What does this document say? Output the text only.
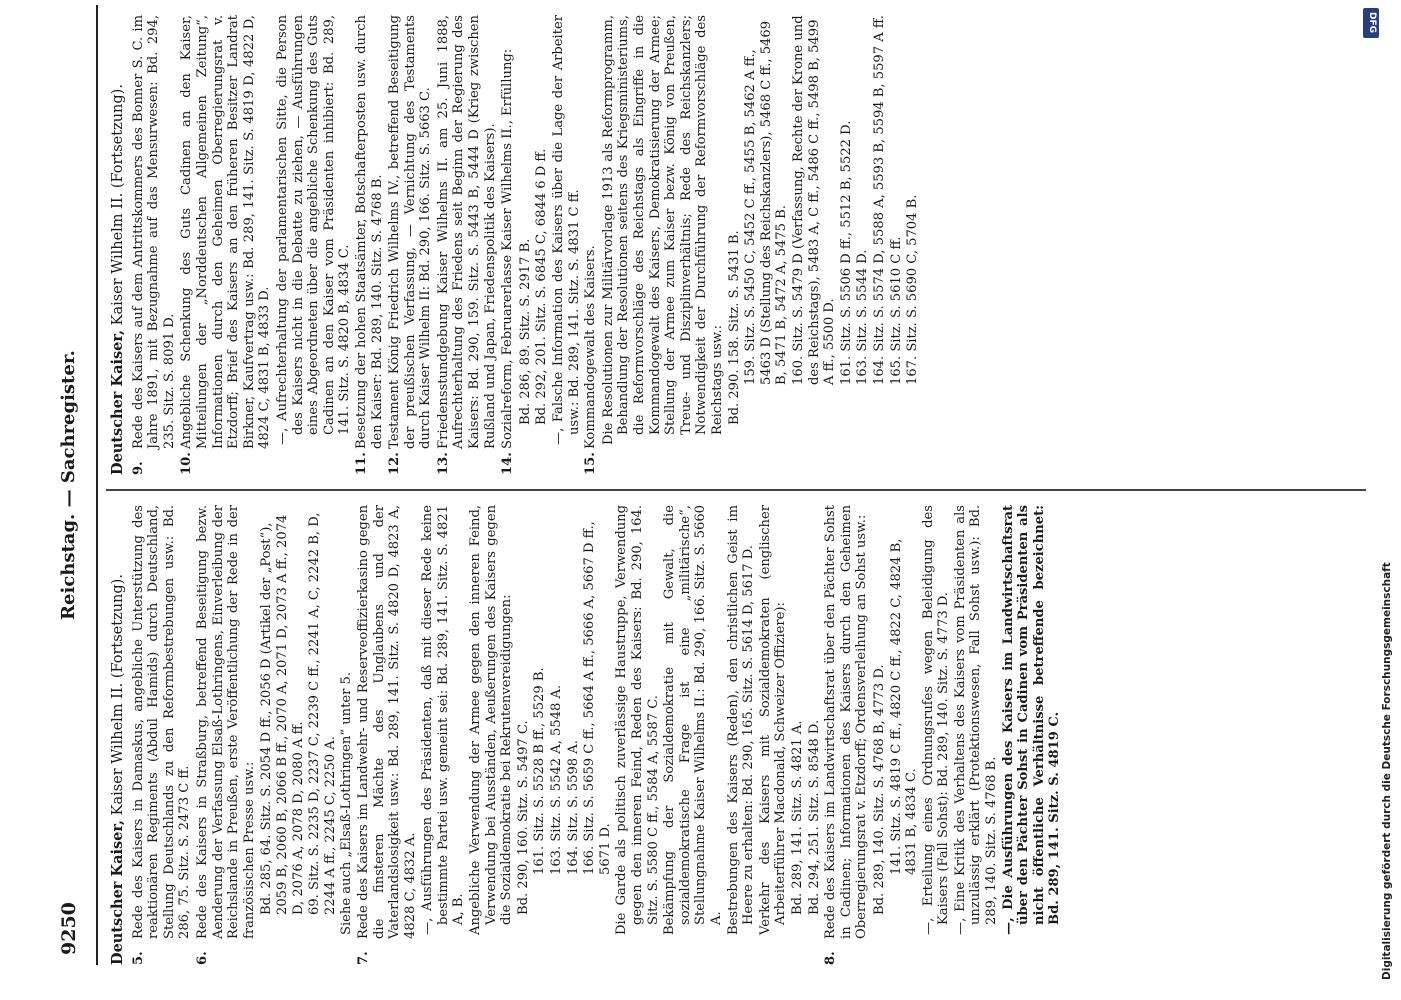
9250
Reichstag. — Sachregister.
Deutscher Kaiser, Kaiser Wilhelm II. (Fortsetzung).
5.Rede des Kaisers in Damaskus, angebliche Unterstützung des reaktionären Regiments (Abdul Hamids) durch Deutschland, Stellung Deutschlands zu den Reformbestrebungen usw.: Bd. 286, 75. Sitz. S. 2473 C ff.
6.Rede des Kaisers in Straßburg, betreffend Beseitigung bezw. Aenderung der Verfassung Elsaß-Lothringens, Einverleibung der Reichslande in Preußen, erste Veröffentlichung der Rede in der französischen Presse usw.: Bd. 285, 64. Sitz. S. 2054 D ff., 2056 D (Artikel der „Post“), 2059 B, 2060 B, 2066 B ff., 2070 A, 2071 D, 2073 A ff., 2074 D, 2076 A, 2078 D, 2080 A ff. 69. Sitz. S. 2235 D, 2237 C, 2239 C ff., 2241 A, C, 2242 B, D, 2244 A ff., 2245 C, 2250 A. Siehe auch „Elsaß-Lothringen“ unter 5.
7.Rede des Kaisers im Landwehr- und Reserveoffizierkasino gegen die finsteren Mächte des Unglaubens und der Vaterlandslosigkeit usw.: Bd. 289, 141. Sitz. S. 4820 D, 4823 A, 4828 C, 4832 A. —, Ausführungen des Präsidenten, daß mit dieser Rede keine bestimmte Partei usw. gemeint sei: Bd. 289, 141. Sitz. S. 4821 A, B. Angebliche Verwendung der Armee gegen den inneren Feind, Verwendung bei Ausständen, Aeußerungen des Kaisers gegen die Sozialdemokratie bei Rekrutenvereidigungen: Bd. 290, 160. Sitz. S. 5497 C. 161. Sitz. S. 5528 B ff., 5529 B. 163. Sitz. S. 5542 A, 5548 A. 164. Sitz. S. 5598 A. 166. Sitz. S. 5659 C ff., 5664 A ff., 5666 A, 5667 D ff., 5671 D. Die Garde als politisch zuverlässige Haustruppe, Verwendung gegen den inneren Feind, Reden des Kaisers: Bd. 290, 164. Sitz. S. 5580 C ff., 5584 A, 5587 C. Bekämpfung der Sozialdemokratie mit Gewalt, die sozialdemokratische Frage ist eine „militärische“, Stellungnahme Kaiser Wilhelms II.: Bd. 290, 166. Sitz. S. 5660 A. Bestrebungen des Kaisers (Reden), den christlichen Geist im Heere zu erhalten: Bd. 290, 165. Sitz. S. 5614 D, 5617 D. Verkehr des Kaisers mit Sozialdemokraten (englischer Arbeiterführer Macdonald, Schweizer Offiziere): Bd. 289, 141. Sitz. S. 4821 A. Bd. 294, 251. Sitz. S. 8548 D.
8.Rede des Kaisers im Landwirtschaftsrat über den Pächter Sohst in Cadinen; Informationen des Kaisers durch den Geheimen Oberregierungsrat v. Etzdorff; Ordensverleihung an Sohst usw.: Bd. 289, 140. Sitz. S. 4768 B, 4773 D. 141. Sitz. S. 4819 C ff., 4820 C ff., 4822 C, 4824 B, 4831 B, 4834 C. —, Erteilung eines Ordnungsrufes wegen Beleidigung des Kaisers (Fall Sohst): Bd. 289, 140. Sitz. S. 4773 D. —, Eine Kritik des Verhaltens des Kaisers vom Präsidenten als unzulässig erklärt (Protektionswesen, Fall Sohst usw.): Bd. 289, 140. Sitz. S. 4768 B. —, Die Ausführungen des Kaisers im Landwirtschaftsrat über den Pächter Sohst in Cadinen vom Präsidenten als nicht öffentliche Verhältnisse betreffende bezeichnet: Bd. 289, 141. Sitz. S. 4819 C.
Deutscher Kaiser, Kaiser Wilhelm II. (Fortsetzung).
9.Rede des Kaisers auf dem Antrittskommers des Bonner S. C. im Jahre 1891, mit Bezugnahme auf das Mensurwesen: Bd. 294, 235. Sitz. S. 8091 D.
10.Angebliche Schenkung des Guts Cadinen an den Kaiser, Mitteilungen der „Norddeutschen Allgemeinen Zeitung“, Informationen durch den Geheimen Oberregierungsrat v. Etzdorff; Brief des Kaisers an den früheren Besitzer Landrat Birkner, Kaufvertrag usw.: Bd. 289, 141. Sitz. S. 4819 D, 4822 D, 4824 C, 4831 B, 4833 D. —, Aufrechterhaltung der parlamentarischen Sitte, die Person des Kaisers nicht in die Debatte zu ziehen, — Ausführungen eines Abgeordneten über die angebliche Schenkung des Guts Cadinen an den Kaiser vom Präsidenten inhibiert: Bd. 289, 141. Sitz. S. 4820 B, 4834 C.
11.Besetzung der hohen Staatsämter, Botschafterposten usw. durch den Kaiser: Bd. 289, 140. Sitz. S. 4768 B.
12.Testament König Friedrich Wilhelms IV., betreffend Beseitigung der preußischen Verfassung, — Vernichtung des Testaments durch Kaiser Wilhelm II: Bd. 290, 166. Sitz. S. 5663 C.
13.Friedensstundgebung Kaiser Wilhelms II. am 25. Juni 1888, Aufrechterhaltung des Friedens seit Beginn der Regierung des Kaisers: Bd. 290, 159. Sitz. S. 5443 B, 5444 D (Krieg zwischen Rußland und Japan, Friedenspolitik des Kaisers).
14.Sozialreform, Februarerlasse Kaiser Wilhelms II., Erfüllung: Bd. 286, 89. Sitz. S. 2917 B. Bd. 292, 201. Sitz. S. 6845 C, 6844 6 D ff. —, Falsche Information des Kaisers über die Lage der Arbeiter usw.: Bd. 289, 141. Sitz. S. 4831 C ff.
15.Kommandogewalt des Kaisers. Die Resolutionen zur Militärvorlage 1913 als Reformprogramm, Behandlung der Resolutionen seitens des Kriegsministeriums, die Reformvorschläge des Reichstags als Eingriffe in die Kommandogewalt des Kaisers, Demokratisierung der Armee; Stellung der Armee zum Kaiser bezw. König von Preußen, Treue- und Disziplinverhältnis; Rede des Reichskanzlers; Notwendigkeit der Durchführung der Reformvorschläge des Reichstags usw.: Bd. 290. 158. Sitz. S. 5431 B. 159. Sitz. S. 5450 C, 5452 C ff., 5455 B, 5462 A ff., 5463 D (Stellung des Reichskanzlers), 5468 C ff., 5469 B, 5471 B, 5472 A, 5475 B. 160. Sitz. S. 5479 D (Verfassung, Rechte der Krone und des Reichstags), 5483 A, C ff., 5486 C ff., 5498 B, 5499 A ff., 5500 D. 161. Sitz. S. 5506 D ff., 5512 B, 5522 D. 163. Sitz. S. 5544 D. 164. Sitz. S. 5574 D, 5588 A, 5593 B, 5594 B, 5597 A ff. 165. Sitz. S. 5610 C ff. 167. Sitz. S. 5690 C, 5704 B.
DFG
Digitalisierung gefördert durch die Deutsche Forschungsgemeinschaft
